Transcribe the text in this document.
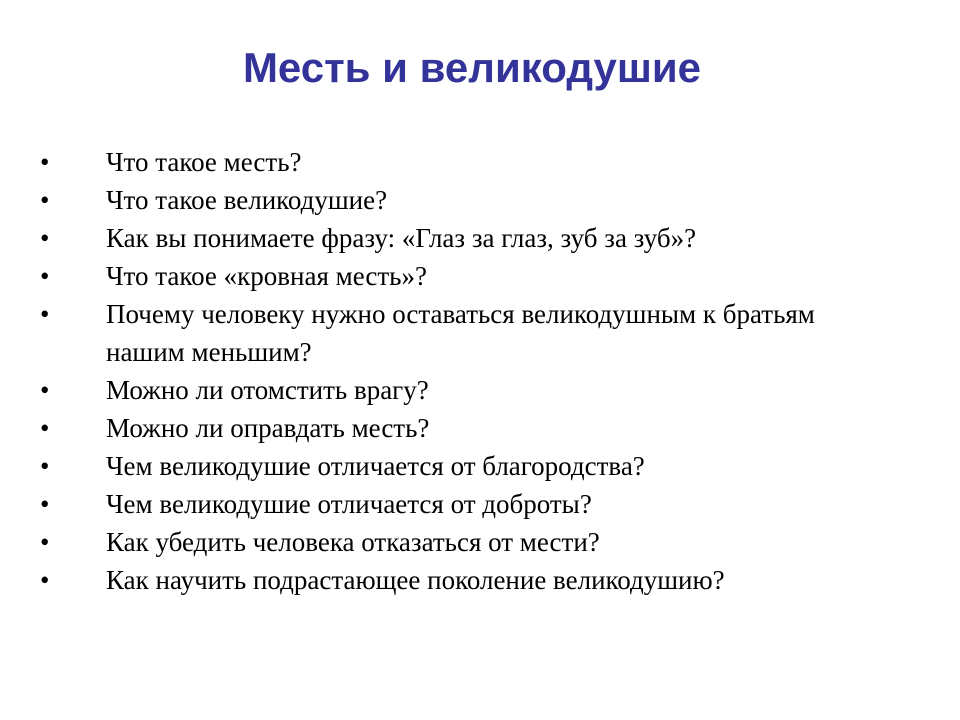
Месть и великодушие
• Что такое месть?
• Что такое великодушие?
• Как вы понимаете фразу: «Глаз за глаз, зуб за зуб»?
• Что такое «кровная месть»?
• Почему человеку нужно оставаться великодушным к братьям нашим меньшим?
• Можно ли отомстить врагу?
• Можно ли оправдать месть?
• Чем великодушие отличается от благородства?
• Чем великодушие отличается от доброты?
• Как убедить человека отказаться от мести?
• Как научить подрастающее поколение великодушию?
